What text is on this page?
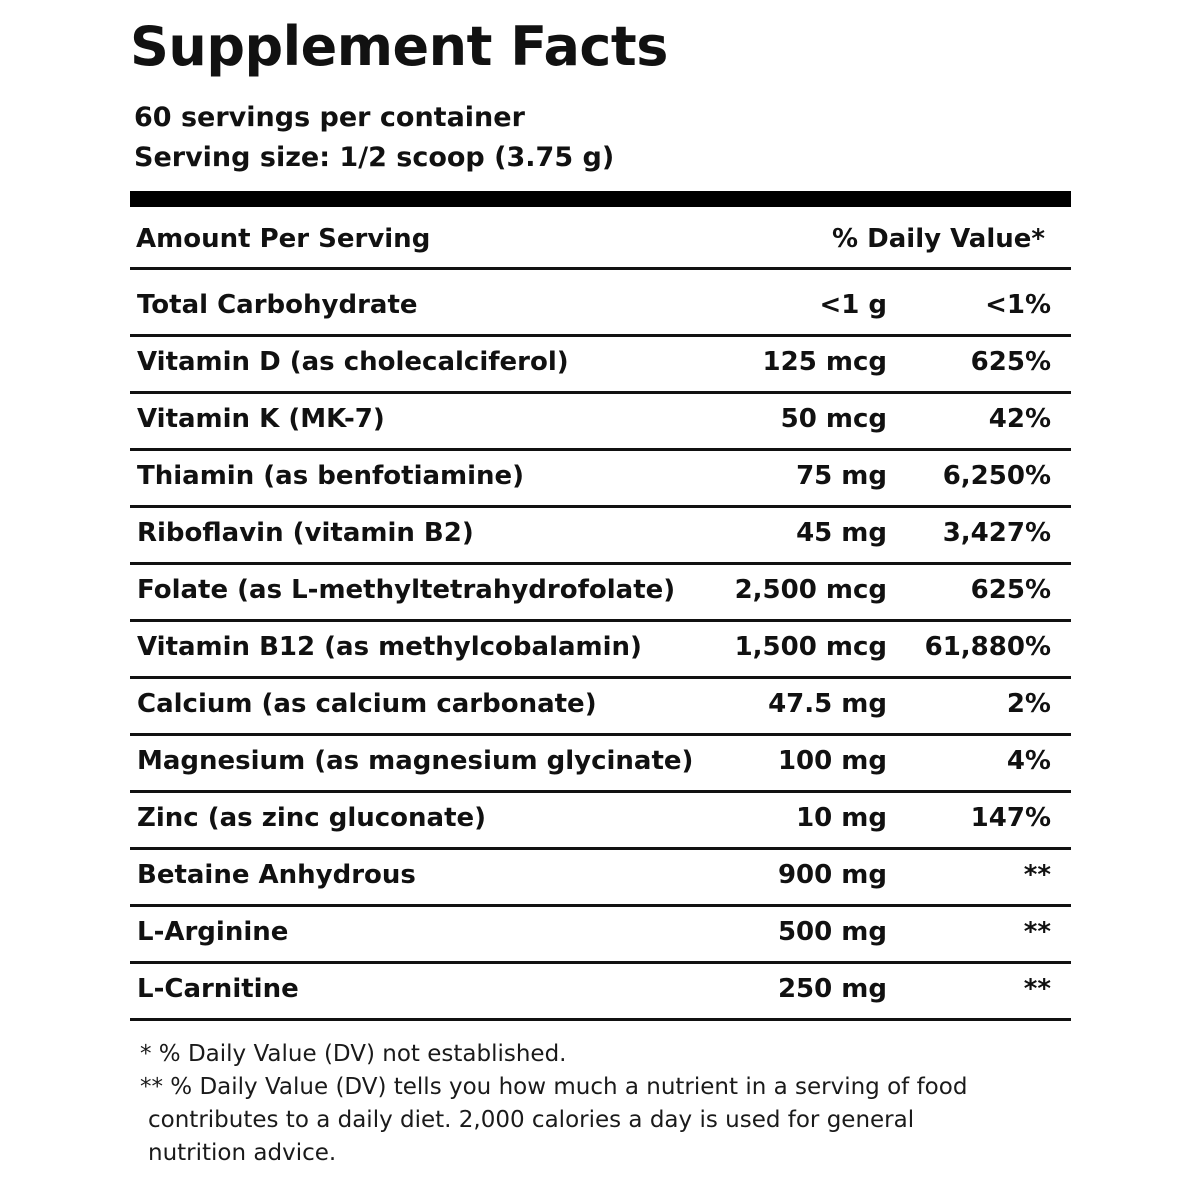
Supplement Facts
60 servings per container
Serving size: 1/2 scoop (3.75 g)
Amount Per Serving	% Daily Value*
Total Carbohydrate	<1 g	<1%
Vitamin D (as cholecalciferol)	125 mcg	625%
Vitamin K (MK-7)	50 mcg	42%
Thiamin (as benfotiamine)	75 mg 6,250%
Riboflavin (vitamin B2)	45 mg 3,427%
Folate (as L-methyltetrahydrofolate) 2,500 mcg	625%
Vitamin B12 (as methylcobalamin)	1,500 mcg 61,880%
Calcium (as calcium carbonate)	47.5 mg	2%
Magnesium (as magnesium glycinate)	100 mg	4%
Zinc (as zinc gluconate)	10 mg	147%
Betaine Anhydrous	900 mg	**
L-Arginine	500 mg	**
L-Carnitine	250 mg	**

* % Daily Value (DV) not established.

** % Daily Value (DV) tells you how much a nutrient in a serving of food

contributes to a daily diet. 2,000 calories a day is used for general

nutrition advice.
